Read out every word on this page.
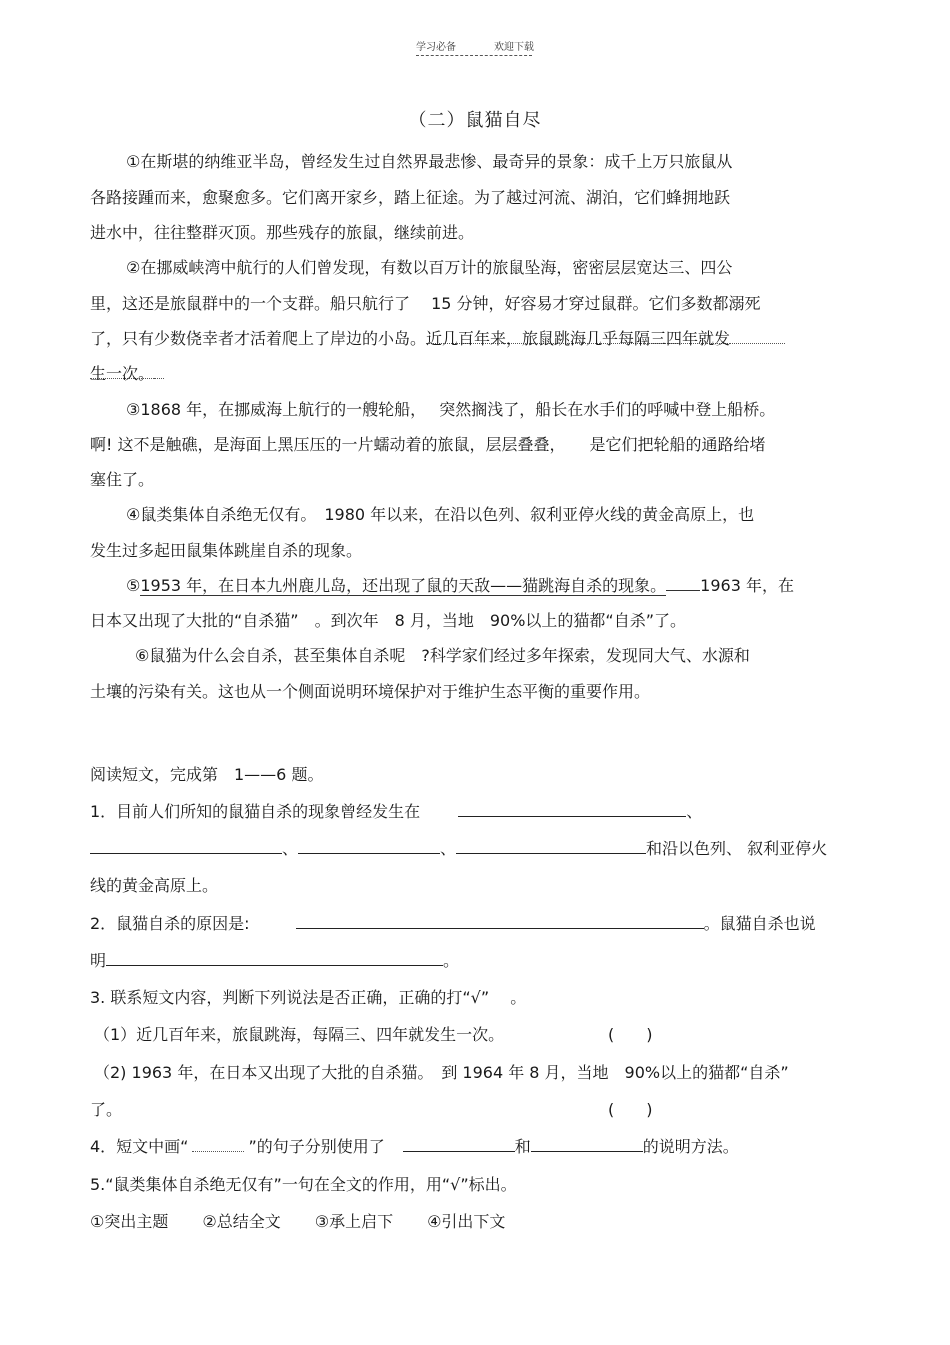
学习必备	欢迎下载
（二）鼠猫自尽
①在斯堪的纳维亚半岛，曾经发生过自然界最悲惨、最奇异的景象：成千上万只旅鼠从
各路接踵而来，愈聚愈多。它们离开家乡，踏上征途。为了越过河流、湖泊，它们蜂拥地跃
进水中，往往整群灭顶。那些残存的旅鼠，继续前进。
②在挪威峡湾中航行的人们曾发现，有数以百万计的旅鼠坠海，密密层层宽达三、四公
里，这还是旅鼠群中的一个支群。船只航行了　 15 分钟，好容易才穿过鼠群。它们多数都溺死
了，只有少数侥幸者才活着爬上了岸边的小岛。近几百年来，旅鼠跳海几乎每隔三四年就发
生一次。
③1868 年，在挪威海上航行的一艘轮船，　 突然搁浅了，船长在水手们的呼喊中登上船桥。
啊! 这不是触礁，是海面上黑压压的一片蠕动着的旅鼠，层层叠叠，　　是它们把轮船的通路给堵
塞住了。
④鼠类集体自杀绝无仅有。　1980 年以来，在沿以色列、叙利亚停火线的黄金高原上，也
发生过多起田鼠集体跳崖自杀的现象。
⑤1953 年，在日本九州鹿儿岛，还出现了鼠的天敌——猫跳海自杀的现象。 1963 年，在
日本又出现了大批的“自杀猫”　。到次年　8 月，当地　90%以上的猫都“自杀”了。
⑥鼠猫为什么会自杀，甚至集体自杀呢　?科学家们经过多年探索，发现同大气、水源和
土壤的污染有关。这也从一个侧面说明环境保护对于维护生态平衡的重要作用。
阅读短文，完成第　1——6 题。
1．目前人们所知的鼠猫自杀的现象曾经发生在	、
、	、	和沿以色列、 叙利亚停火
线的黄金高原上。
2．鼠猫自杀的原因是:	。鼠猫自杀也说
明	。
3. 联系短文内容，判断下列说法是否正确，正确的打“√”　 。
（1）近几百年来，旅鼠跳海，每隔三、四年就发生一次。	(　　)
（2) 1963 年，在日本又出现了大批的自杀猫。　到 1964 年 8 月，当地　90%以上的猫都“自杀”
了。	(　　)
4．短文中画“	”的句子分别使用了	和	的说明方法。
5.“鼠类集体自杀绝无仅有”一句在全文的作用，用“√”标出。
①突出主题 ②总结全文 ③承上启下 ④引出下文
